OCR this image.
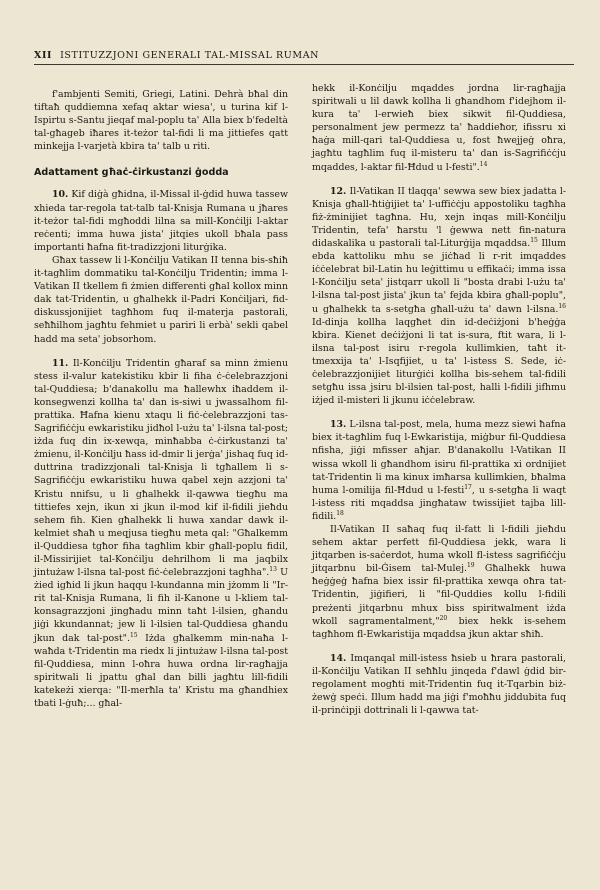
XII ISTITUZZJONI GENERALI TAL-MISSAL RUMAN

f'ambjenti Semiti, Griegi, Latini. Dehrà bħal din tiftaħ quddiemna xefaq aktar wiesa', u turina kif l-Ispirtu s-Santu jieqaf mal-poplu ta' Alla biex b'fedeltà tal-għageb iħares it-teżor tal-fidi li ma jittiefes qatt minkejja l-varjetà kbira ta' talb u riti.

Adattament għaċ-ċirkustanzi ġodda

10. Kif diġà għidna, il-Missal il-ġdid huwa tassew xhieda tar-regola tat-talb tal-Knisja Rumana u jħares it-teżor tal-fidi mgħoddi lilna sa mill-Konċilji l-aktar reċenti; imma huwa jista' jitqies ukoll bħala pass importanti ħafna fit-tradizzjoni liturġika.

Għax tassew li l-Konċilju Vatikan II tenna bis-sħiħ it-tagħlim dommatiku tal-Konċilju Tridentin; imma l-Vatikan II tkellem fi żmien differenti għal kollox minn dak tat-Tridentin, u għalhekk il-Padri Konċiljari, fid-diskussjonijiet tagħhom fuq il-materja pastorali, seħħilhom jagħtu fehmiet u pariri li erbà' sekli qabel hadd ma seta' jobsorhom.

11. Il-Konċilju Tridentin għaraf sa minn żmienu stess il-valur katekistiku kbir li fiha ċ-ċelebrazzjoni tal-Quddiesa; b'danakollu ma ħallewhx iħaddem il-konsegwenzi kollha ta' dan is-siwi u jwassalhom fil-prattika. Ħafna kienu xtaqu li fiċ-ċelebrazzjoni tas-Sagrifiċċju ewkaristiku jidħol l-użu ta' l-ilsna tal-post; iżda fuq din ix-xewqa, minħabba ċ-ċirkustanzi ta' żmienu, il-Konċilju ħass id-dmir li jerġa' jishaq fuq id-duttrina tradizzjonali tal-Knisja li tgħallem li s-Sagrifiċċju ewkaristiku huwa qabel xejn azzjoni ta' Kristu nnifsu, u li għalhekk il-qawwa tiegħu ma tittiefes xejn, ikun xi jkun il-mod kif il-fidili jieħdu sehem fih. Kien għalhekk li huwa xandar dawk il-kelmiet sħaħ u meqjusa tiegħu meta qal: "Għalkemm il-Quddiesa tgħor fiha tagħlim kbir għall-poplu fidil, il-Missirijiet tal-Konċilju dehrilhom li ma jaqbilx jintużaw l-ilsna tal-post fiċ-ċelebrazzjoni tagħha".$^{13}$ U żied igħid li jkun haqqu l-kundanna min jżomm li "Ir-rit tal-Knisja Rumana, li fih il-Kanone u l-kliem tal-konsagrazzjoni jingħadu minn taħt l-ilsien, għandu jiġi kkundannat; jew li l-ilsien tal-Quddiesa għandu jkun dak tal-post".$^{15}$ Iżda għalkemm min-naħa l-waħda t-Tridentin ma riedx li jintużaw l-ilsna tal-post fil-Quddiesa, minn l-oħra huwa ordna lir-ragħajja spiritwali li jpattu għal dan billi jagħtu lill-fidili katekeżi xierqa: "Il-merħla ta' Kristu ma għandhiex tbati l-ġuħ;... għal-

hekk il-Konċilju mqaddes jordna lir-ragħajja spiritwali u lil dawk kollha li għandhom f'idejhom il-kura ta' l-erwieħ biex sikwit fil-Quddiesa, personalment jew permezz ta' ħaddieħor, ifissru xi ħaġa mill-qari tal-Quddiesa u, fost ħwejjeġ oħra, jagħtu tagħlim fuq il-misteru ta' dan is-Sagrifiċċju mqaddes, l-aktar fil-Ħdud u l-festi".$^{14}$

12. Il-Vatikan II tlaqqa' sewwa sew biex jadatta l-Knisja għall-ħtiġijiet ta' l-uffiċċju appostoliku tagħha fiż-żminijiet tagħna. Hu, xejn inqas mill-Konċilju Tridentin, tefa' ħarstu 'l ġewwa nett fin-natura didaskalika u pastorali tal-Liturġija mqaddsa.$^{15}$ Illum ebda kattoliku mhu se jiċħad li r-rit imqaddes iċċelebrat bil-Latin hu leġittimu u effikaċi; imma issa l-Konċilju seta' jistqarr ukoll li "bosta drabi l-użu ta' l-ilsna tal-post jista' jkun ta' fejda kbira għall-poplu", u għalhekk ta s-setgħa għall-użu ta' dawn l-ilsna.$^{16}$ Id-dinja kollha laqgħet din id-deċiżjoni b'heġġa kbira. Kienet deċiżjoni li tat is-sura, ftit wara, li l-ilsna tal-post isiru r-regola kullimkien, taħt it-tmexxija ta' l-Isqfijiet, u ta' l-istess S. Sede, iċ-ċelebrazzjonijiet liturġiċi kollha bis-sehem tal-fidili setgħu issa jsiru bl-ilsien tal-post, halli l-fidili jifhmu iżjed il-misteri li jkunu iċċelebraw.

13. L-ilsna tal-post, mela, huma mezz siewi ħafna biex it-tagħlim fuq l-Ewkaristija, miġbur fil-Quddiesa nfisha, jiġi mfisser aħjar. B'danakollu l-Vatikan II wissa wkoll li għandhom isiru fil-prattika xi ordnijiet tat-Tridentin li ma kinux imħarsa kullimkien, bħalma huma l-omilija fil-Ħdud u l-festi$^{17}$, u s-setgħa li waqt l-istess riti mqaddsa jingħataw twissijiet tajba lill-fidili.$^{18}$

Il-Vatikan II saħaq fuq il-fatt li l-fidili jieħdu sehem aktar perfett fil-Quddiesa jekk, wara li jitqarben is-saċerdot, huma wkoll fl-istess sagrifiċċju jitqarbnu bil-Ġisem tal-Mulej.$^{19}$ Għalhekk huwa ħeġġeġ ħafna biex issir fil-prattika xewqa oħra tat-Tridentin, jiġifieri, li "fil-Quddies kollu l-fidili preżenti jitqarbnu mhux biss spiritwalment iżda wkoll sagramentalment,"$^{20}$ biex hekk is-sehem tagħhom fl-Ewkaristija mqaddsa jkun aktar sħiħ.

14. Imqanqal mill-istess ħsieb u ħrara pastorali, il-Konċilju Vatikan II seħħlu jinqeda f'dawl ġdid bir-regolament mogħti mit-Tridentin fuq it-Tqarbin biż-żewġ speċi. Illum hadd ma jiġi f'moħħu jiddubita fuq il-prinċipji dottrinali li l-qawwa tat-
